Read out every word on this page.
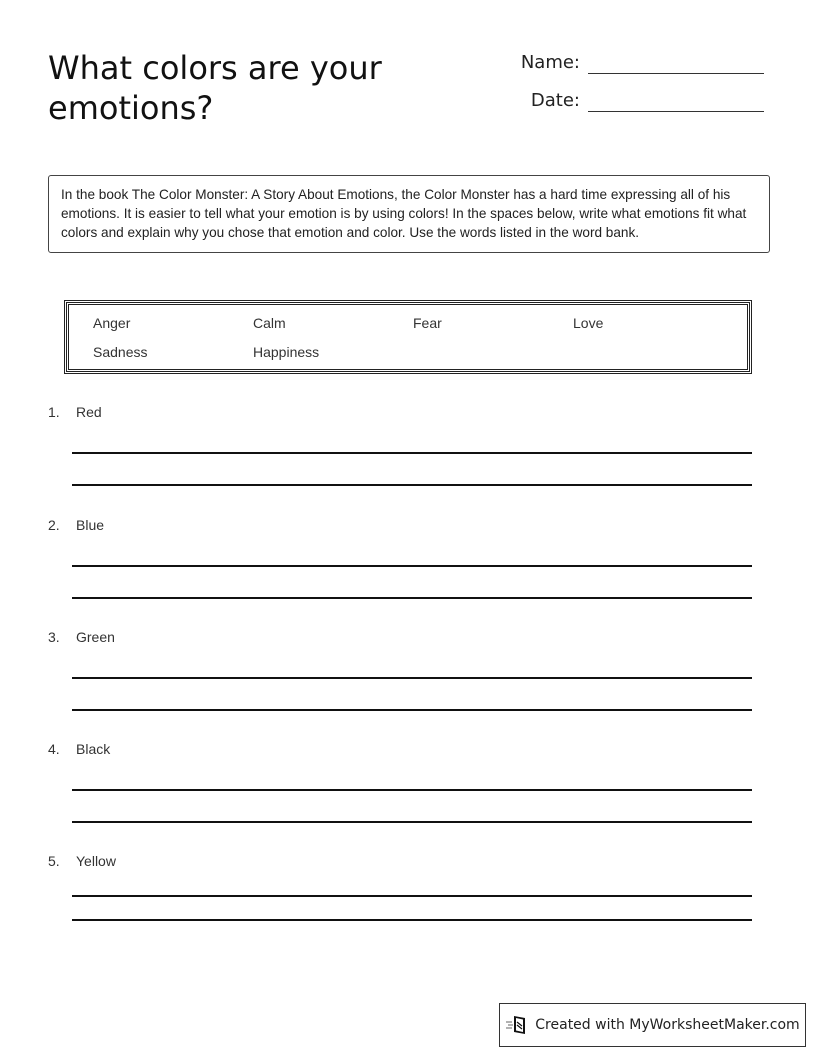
What colors are your emotions?
Name:
Date:
In the book The Color Monster: A Story About Emotions, the Color Monster has a hard time expressing all of his emotions. It is easier to tell what your emotion is by using colors! In the spaces below, write what emotions fit what colors and explain why you chose that emotion and color. Use the words listed in the word bank.
Anger	Calm	Fear	Love
Sadness	Happiness
1. Red
2. Blue
3. Green
4. Black
5. Yellow
Created with MyWorksheetMaker.com
